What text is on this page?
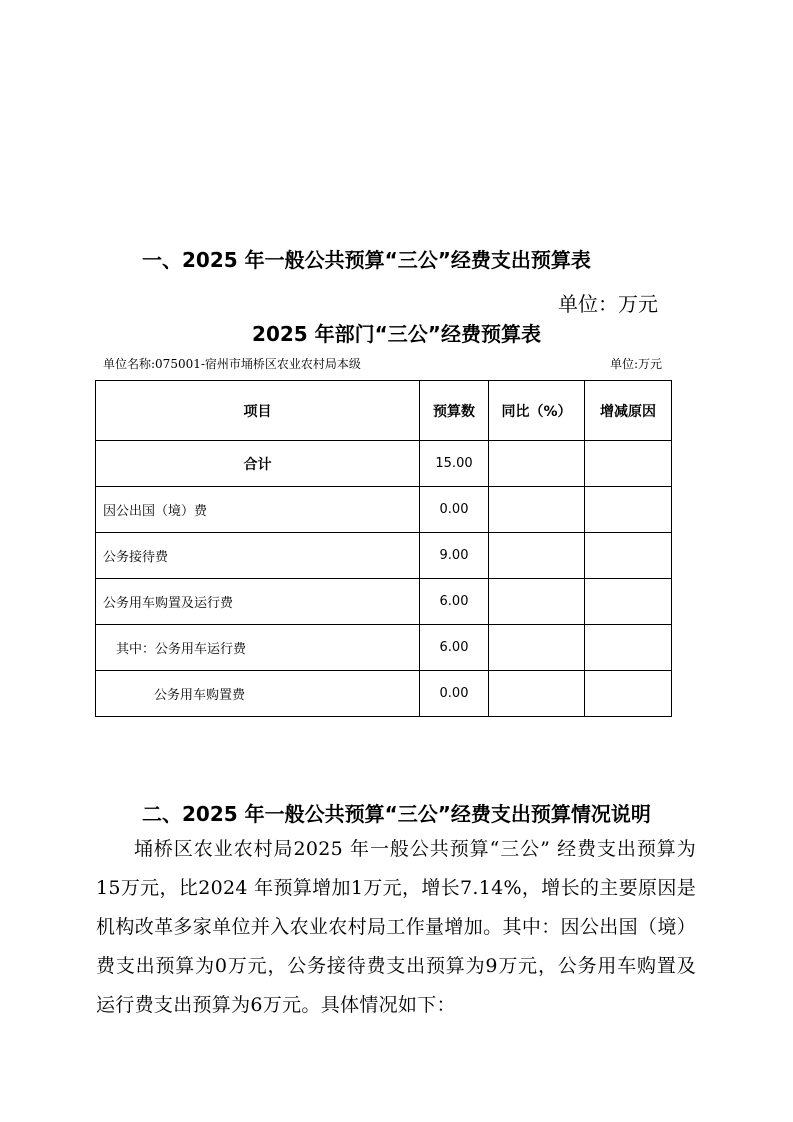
一、2025 年一般公共预算“三公”经费支出预算表
单位：万元
2025 年部门“三公”经费预算表
单位名称:075001-宿州市埇桥区农业农村局本级	单位:万元
项目	预算数	同比（%）	增减原因
合计	15.00		
因公出国（境）费	0.00		
公务接待费	9.00		
公务用车购置及运行费	6.00		
其中：公务用车运行费	6.00		
公务用车购置费	0.00		
二、2025 年一般公共预算“三公”经费支出预算情况说明
埇桥区农业农村局2025 年一般公共预算“三公” 经费支出预算为15万元，比2024 年预算增加1万元，增长7.14%，增长的主要原因是机构改革多家单位并入农业农村局工作量增加。其中：因公出国（境）费支出预算为0万元，公务接待费支出预算为9万元，公务用车购置及运行费支出预算为6万元。具体情况如下：
